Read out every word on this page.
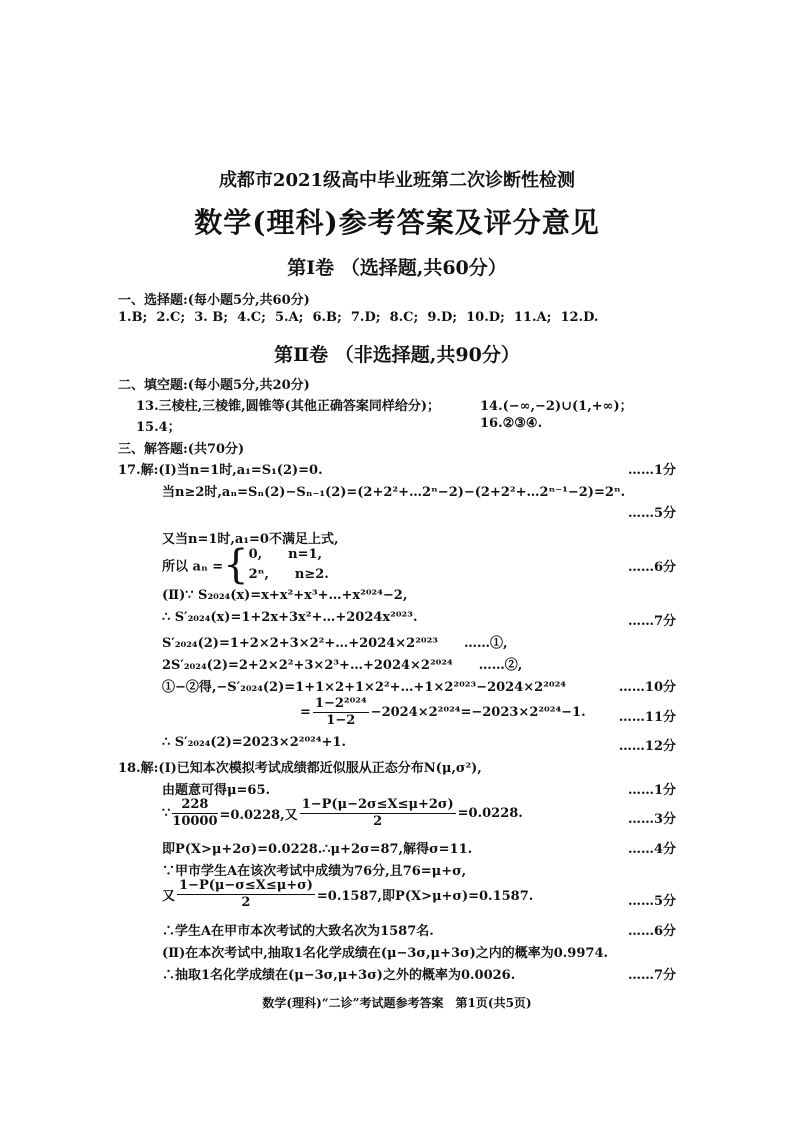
成都市2021级高中毕业班第二次诊断性检测
数学(理科)参考答案及评分意见
第Ⅰ卷 （选择题,共60分）
一、选择题:(每小题5分,共60分)
1.B; 2.C; 3. B; 4.C; 5.A; 6.B; 7.D; 8.C; 9.D; 10.D; 11.A; 12.D.
第Ⅱ卷 （非选择题,共90分）
二、填空题:(每小题5分,共20分)
13.三棱柱,三棱锥,圆锥等(其他正确答案同样给分)；	14.(−∞,−2)∪(1,+∞)；
15.4；	16.②③④.
三、解答题:(共70分)
17.解:(Ⅰ)当n=1时,a₁=S₁(2)=0.	……1分
当n≥2时,aₙ=Sₙ(2)−Sₙ₋₁(2)=(2+2²+…2ⁿ−2)−(2+2²+…2ⁿ⁻¹−2)=2ⁿ.
……5分
又当n=1时,a₁=0不满足上式,
所以 aₙ ={ 0,　　n=1,
2ⁿ,　　n≥2.	……6分
(Ⅱ)∵ S₂₀₂₄(x)=x+x²+x³+…+x²⁰²⁴−2,
∴ S′₂₀₂₄(x)=1+2x+3x²+…+2024x²⁰²³.	……7分
S′₂₀₂₄(2)=1+2×2+3×2²+…+2024×2²⁰²³　　……①,
2S′₂₀₂₄(2)=2+2×2²+3×2³+…+2024×2²⁰²⁴　　……②,
①−②得,−S′₂₀₂₄(2)=1+1×2+1×2²+…+1×2²⁰²³−2024×2²⁰²⁴	……10分
= $\frac{\text{1−2²⁰²⁴}}{1-2} -2024\times 2^{2024}=-2023\times 2^{2024}-1$.	……11分
∴ S′₂₀₂₄(2)=2023×2²⁰²⁴+1.	……12分
18.解:(Ⅰ)已知本次模拟考试成绩都近似服从正态分布N(μ,σ²),
由题意可得μ=65.	……1分
∵ $\frac{228}{10000} =0.0228$,又 $\frac{1-P(\mu-2\sigma\le X\le\mu+2\sigma)}{2} =0.0228$.	……3分
即P(X>μ+2σ)=0.0228.∴μ+2σ=87,解得σ=11.	……4分
∵甲市学生A在该次考试中成绩为76分,且76=μ+σ,
又 $\frac{1-P(\mu-\sigma\le X\le\mu+\sigma)}{2} =0.1587$,即P(X>μ+σ)=0.1587.	……5分
∴学生A在甲市本次考试的大致名次为1587名.	……6分
(Ⅱ)在本次考试中,抽取1名化学成绩在(μ−3σ,μ+3σ)之内的概率为0.9974.
∴抽取1名化学成绩在(μ−3σ,μ+3σ)之外的概率为0.0026.	……7分
数学(理科)“二诊”考试题参考答案　第1页(共5页)
